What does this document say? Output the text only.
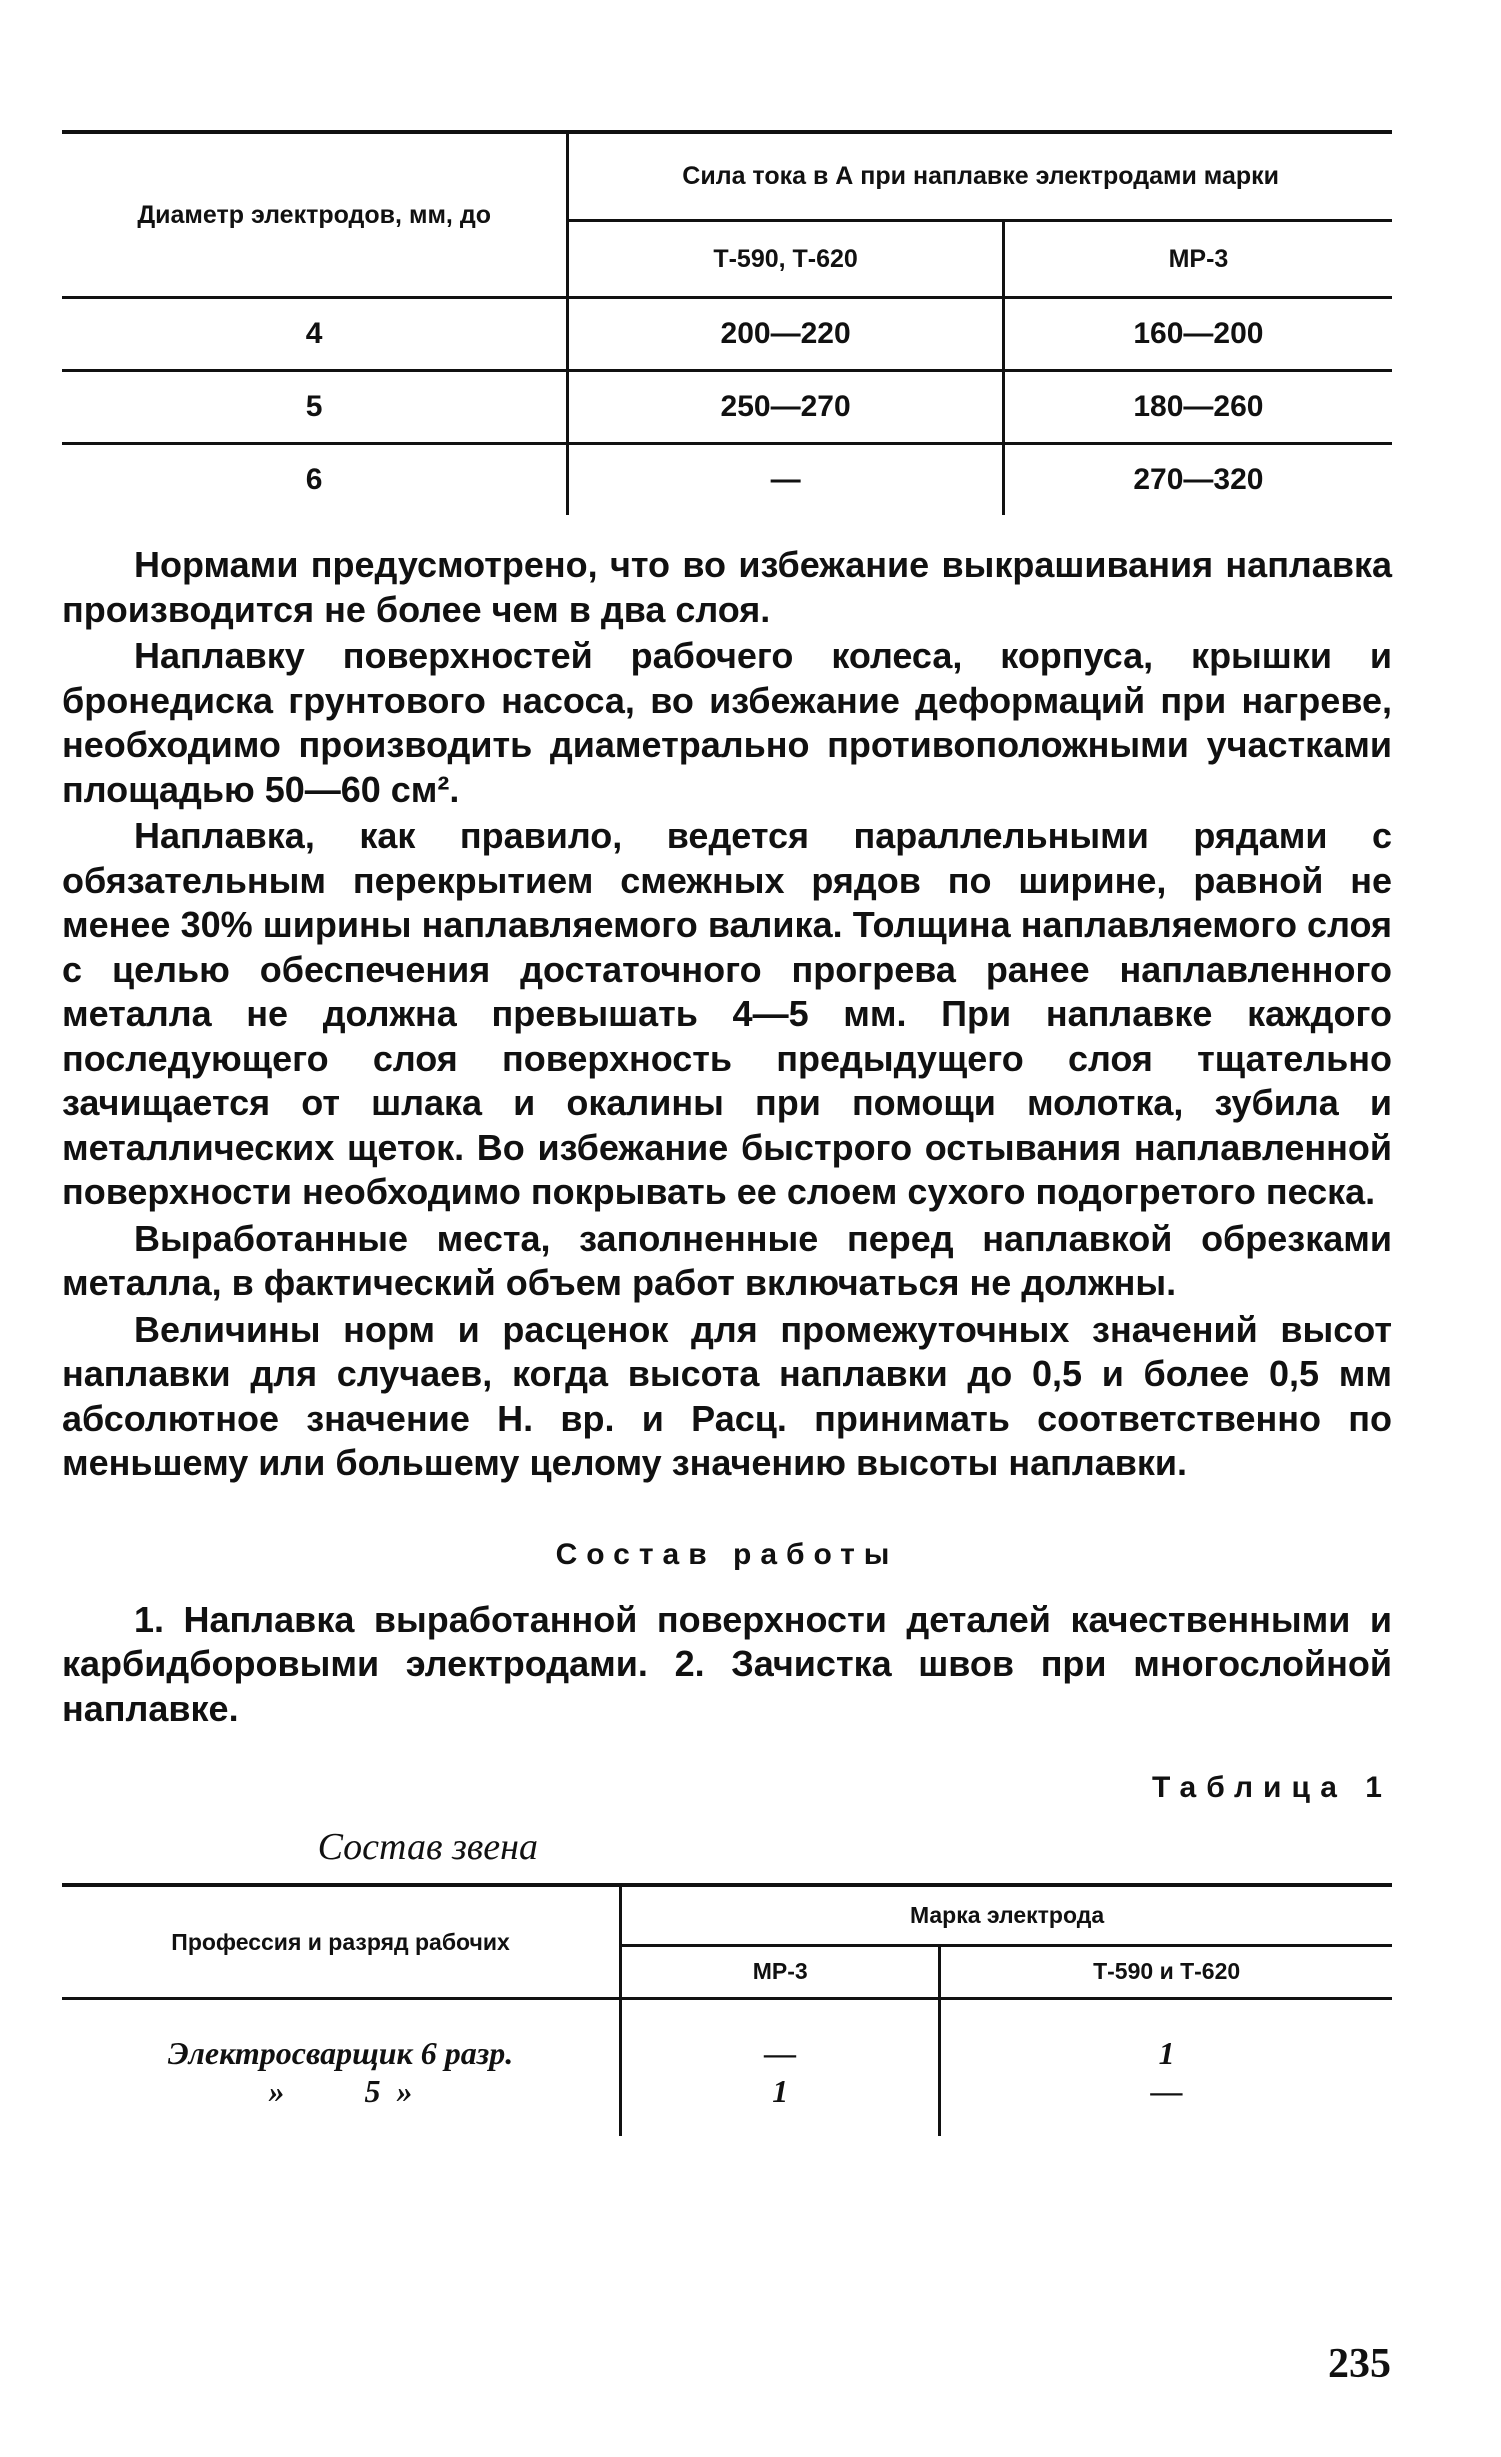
Диаметр электродов, мм, до	Сила тока в А при наплавке электродами марки	
	Т-590, Т-620	МР-3
4	200—220	160—200
5	250—270	180—260
6	—	270—320

Нормами предусмотрено, что во избежание выкрашивания наплавка производится не более чем в два слоя.

Наплавку поверхностей рабочего колеса, корпуса, крышки и бронедиска грунтового насоса, во избежание деформаций при нагреве, необходимо производить диаметрально противоположными участками площадью 50—60 см².

Наплавка, как правило, ведется параллельными рядами с обязательным перекрытием смежных рядов по ширине, равной не менее 30% ширины наплавляемого валика. Толщина наплавляемого слоя с целью обеспечения достаточного прогрева ранее наплавленного металла не должна превышать 4—5 мм. При наплавке каждого последующего слоя поверхность предыдущего слоя тщательно зачищается от шлака и окалины при помощи молотка, зубила и металлических щеток. Во избежание быстрого остывания наплавленной поверхности необходимо покрывать ее слоем сухого подогретого песка.

Выработанные места, заполненные перед наплавкой обрезками металла, в фактический объем работ включаться не должны.

Величины норм и расценок для промежуточных значений высот наплавки для случаев, когда высота наплавки до 0,5 и более 0,5 мм абсолютное значение Н. вр. и Расц. принимать соответственно по меньшему или большему целому значению высоты наплавки.

Состав работы

1. Наплавка выработанной поверхности деталей качественными и карбидборовыми электродами. 2. Зачистка швов при многослойной наплавке.

Таблица 1
Состав звена
Профессия и разряд рабочих	Марка электрода	
	МР-3	Т-590 и Т-620
Электросварщик 6 разр.	—	1
»          5  »	1	—
235
